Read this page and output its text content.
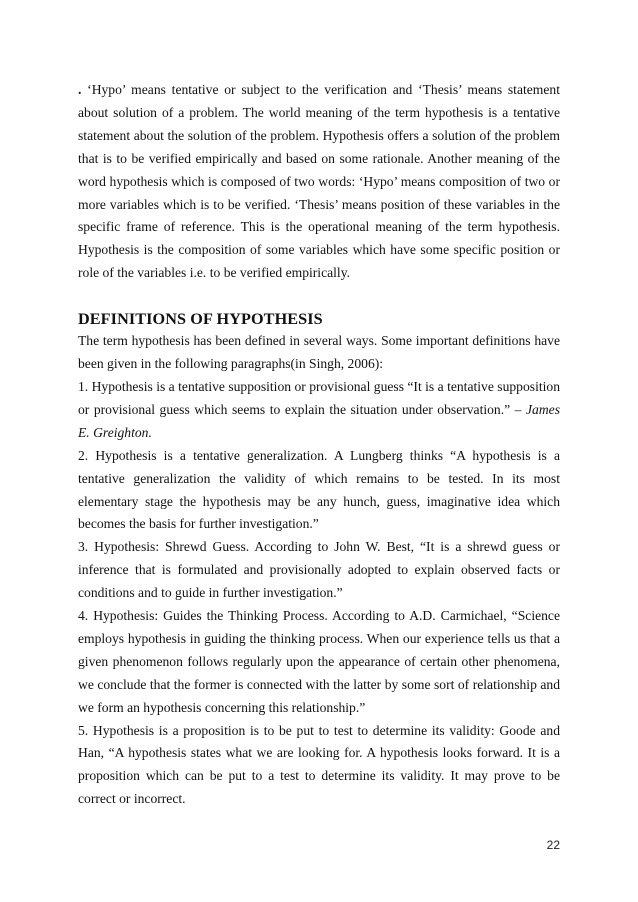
. ‘Hypo’ means tentative or subject to the verification and ‘Thesis’ means statement about solution of a problem. The world meaning of the term hypothesis is a tentative statement about the solution of the problem. Hypothesis offers a solution of the problem that is to be verified empirically and based on some rationale. Another meaning of the word hypothesis which is composed of two words: ‘Hypo’ means composition of two or more variables which is to be verified. ‘Thesis’ means position of these variables in the specific frame of reference. This is the operational meaning of the term hypothesis. Hypothesis is the composition of some variables which have some specific position or role of the variables i.e. to be verified empirically.

DEFINITIONS OF HYPOTHESIS

The term hypothesis has been defined in several ways. Some important definitions have been given in the following paragraphs(in Singh, 2006):

1. Hypothesis is a tentative supposition or provisional guess “It is a tentative supposition or provisional guess which seems to explain the situation under observation.” – James E. Greighton.

2. Hypothesis is a tentative generalization. A Lungberg thinks “A hypothesis is a tentative generalization the validity of which remains to be tested. In its most elementary stage the hypothesis may be any hunch, guess, imaginative idea which becomes the basis for further investigation.”

3. Hypothesis: Shrewd Guess. According to John W. Best, “It is a shrewd guess or inference that is formulated and provisionally adopted to explain observed facts or conditions and to guide in further investigation.”

4. Hypothesis: Guides the Thinking Process. According to A.D. Carmichael, “Science employs hypothesis in guiding the thinking process. When our experience tells us that a given phenomenon follows regularly upon the appearance of certain other phenomena, we conclude that the former is connected with the latter by some sort of relationship and we form an hypothesis concerning this relationship.”

5. Hypothesis is a proposition is to be put to test to determine its validity: Goode and Han, “A hypothesis states what we are looking for. A hypothesis looks forward. It is a proposition which can be put to a test to determine its validity. It may prove to be correct or incorrect.

22
